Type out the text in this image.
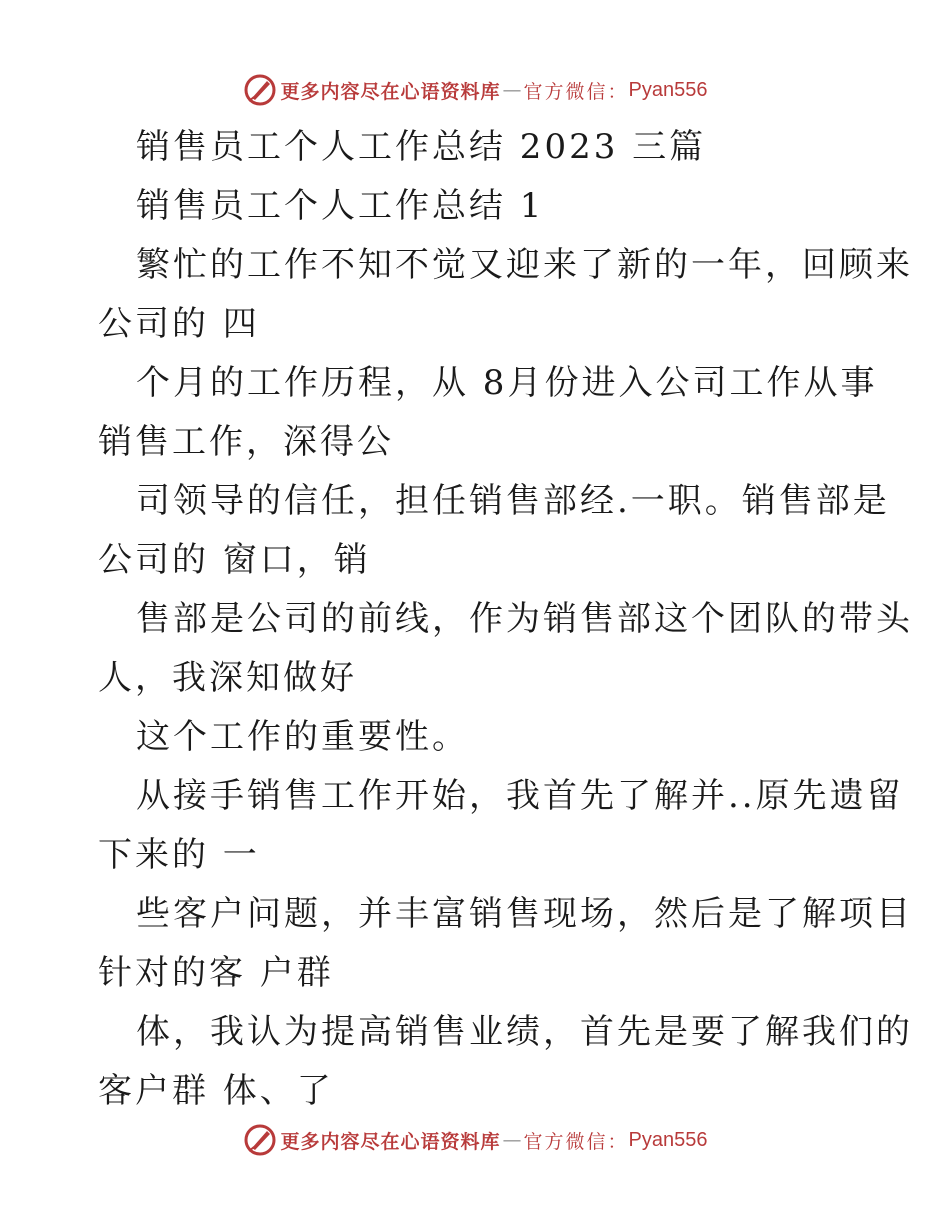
更多内容尽在心语资料库 — 官方微信： Pyan556
销售员工个人工作总结 2023 三篇
销售员工个人工作总结 1
繁忙的工作不知不觉又迎来了新的一年，回顾来
公司的 四
个月的工作历程，从 8月份进入公司工作从事
销售工作，深得公
司领导的信任，担任销售部经.一职。销售部是
公司的 窗口，销
售部是公司的前线，作为销售部这个团队的带头
人，我深知做好
这个工作的重要性。
从接手销售工作开始，我首先了解并..原先遗留
下来的 一
些客户问题，并丰富销售现场，然后是了解项目
针对的客 户群
体，我认为提高销售业绩，首先是要了解我们的
客户群 体、了
更多内容尽在心语资料库 — 官方微信： Pyan556
